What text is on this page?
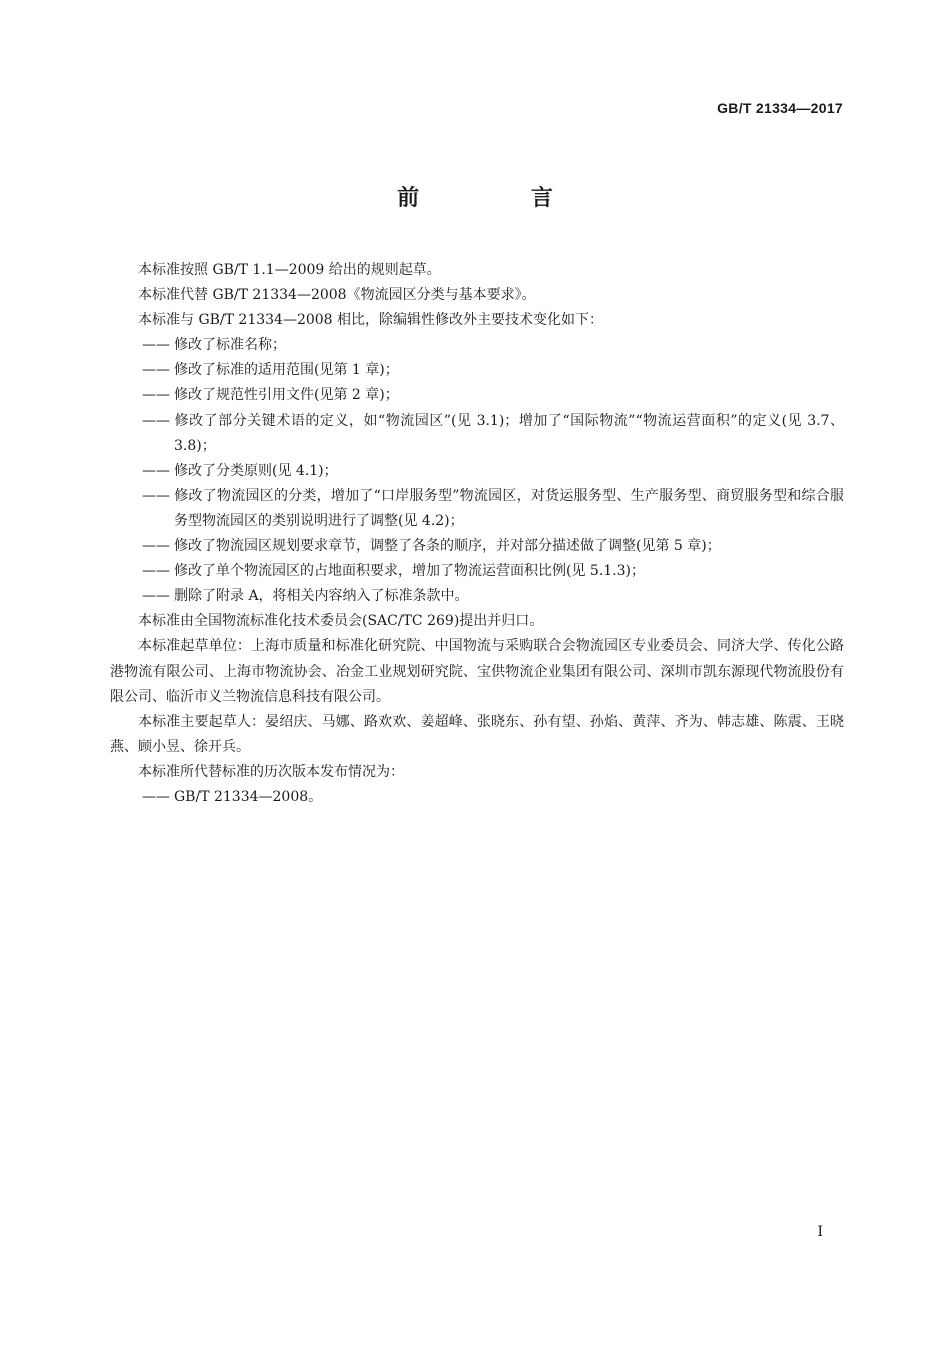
GB/T 21334—2017
前 言

本标准按照 GB/T 1.1—2009 给出的规则起草。

本标准代替 GB/T 21334—2008《物流园区分类与基本要求》。

本标准与 GB/T 21334—2008 相比，除编辑性修改外主要技术变化如下：

—— 修改了标准名称；

—— 修改了标准的适用范围(见第 1 章)；

—— 修改了规范性引用文件(见第 2 章)；

—— 修改了部分关键术语的定义，如“物流园区”(见 3.1)；增加了“国际物流”“物流运营面积”的定义(见 3.7、3.8)；

—— 修改了分类原则(见 4.1)；

—— 修改了物流园区的分类，增加了“口岸服务型”物流园区，对货运服务型、生产服务型、商贸服务型和综合服务型物流园区的类别说明进行了调整(见 4.2)；

—— 修改了物流园区规划要求章节，调整了各条的顺序，并对部分描述做了调整(见第 5 章)；

—— 修改了单个物流园区的占地面积要求，增加了物流运营面积比例(见 5.1.3)；

—— 删除了附录 A，将相关内容纳入了标准条款中。

本标准由全国物流标准化技术委员会(SAC/TC 269)提出并归口。

本标准起草单位：上海市质量和标准化研究院、中国物流与采购联合会物流园区专业委员会、同济大学、传化公路港物流有限公司、上海市物流协会、冶金工业规划研究院、宝供物流企业集团有限公司、深圳市凯东源现代物流股份有限公司、临沂市义兰物流信息科技有限公司。

本标准主要起草人：晏绍庆、马娜、路欢欢、姜超峰、张晓东、孙有望、孙焰、黄萍、齐为、韩志雄、陈震、王晓燕、顾小昱、徐开兵。

本标准所代替标准的历次版本发布情况为：

—— GB/T 21334—2008。

I
